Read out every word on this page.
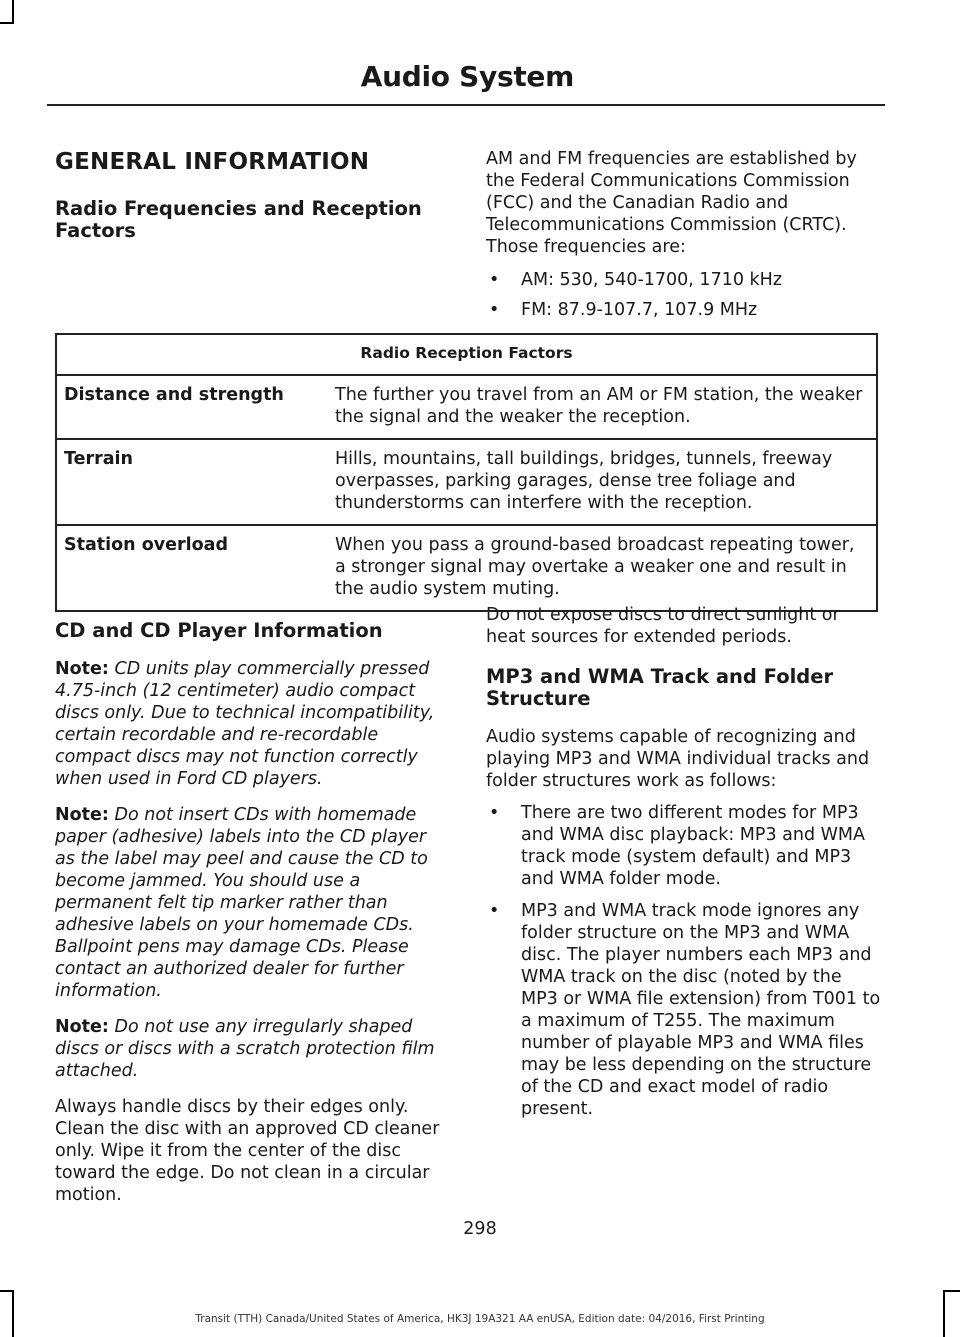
Audio System
GENERAL INFORMATION
Radio Frequencies and Reception Factors

AM and FM frequencies are established by the Federal Communications Commission (FCC) and the Canadian Radio and Telecommunications Commission (CRTC). Those frequencies are:

• AM: 530, 540-1700, 1710 kHz
• FM: 87.9-107.7, 107.9 MHz
Radio Reception Factors	
Distance and strength	The further you travel from an AM or FM station, the weaker the signal and the weaker the reception.
Terrain	Hills, mountains, tall buildings, bridges, tunnels, freeway overpasses, parking garages, dense tree foliage and thunderstorms can interfere with the reception.
Station overload	When you pass a ground-based broadcast repeating tower, a stronger signal may overtake a weaker one and result in the audio system muting.
CD and CD Player Information

Note: CD units play commercially pressed 4.75-inch (12 centimeter) audio compact discs only. Due to technical incompatibility, certain recordable and re-recordable compact discs may not function correctly when used in Ford CD players.

Note: Do not insert CDs with homemade paper (adhesive) labels into the CD player as the label may peel and cause the CD to become jammed. You should use a permanent felt tip marker rather than adhesive labels on your homemade CDs. Ballpoint pens may damage CDs. Please contact an authorized dealer for further information.

Note: Do not use any irregularly shaped discs or discs with a scratch protection film attached.

Always handle discs by their edges only. Clean the disc with an approved CD cleaner only. Wipe it from the center of the disc toward the edge. Do not clean in a circular motion.

Do not expose discs to direct sunlight or heat sources for extended periods.

MP3 and WMA Track and Folder Structure

Audio systems capable of recognizing and playing MP3 and WMA individual tracks and folder structures work as follows:

• There are two different modes for MP3 and WMA disc playback: MP3 and WMA track mode (system default) and MP3 and WMA folder mode.
• MP3 and WMA track mode ignores any folder structure on the MP3 and WMA disc. The player numbers each MP3 and WMA track on the disc (noted by the MP3 or WMA file extension) from T001 to a maximum of T255. The maximum number of playable MP3 and WMA files may be less depending on the structure of the CD and exact model of radio present.
298
Transit (TTH) Canada/United States of America, HK3J 19A321 AA enUSA, Edition date: 04/2016, First Printing
